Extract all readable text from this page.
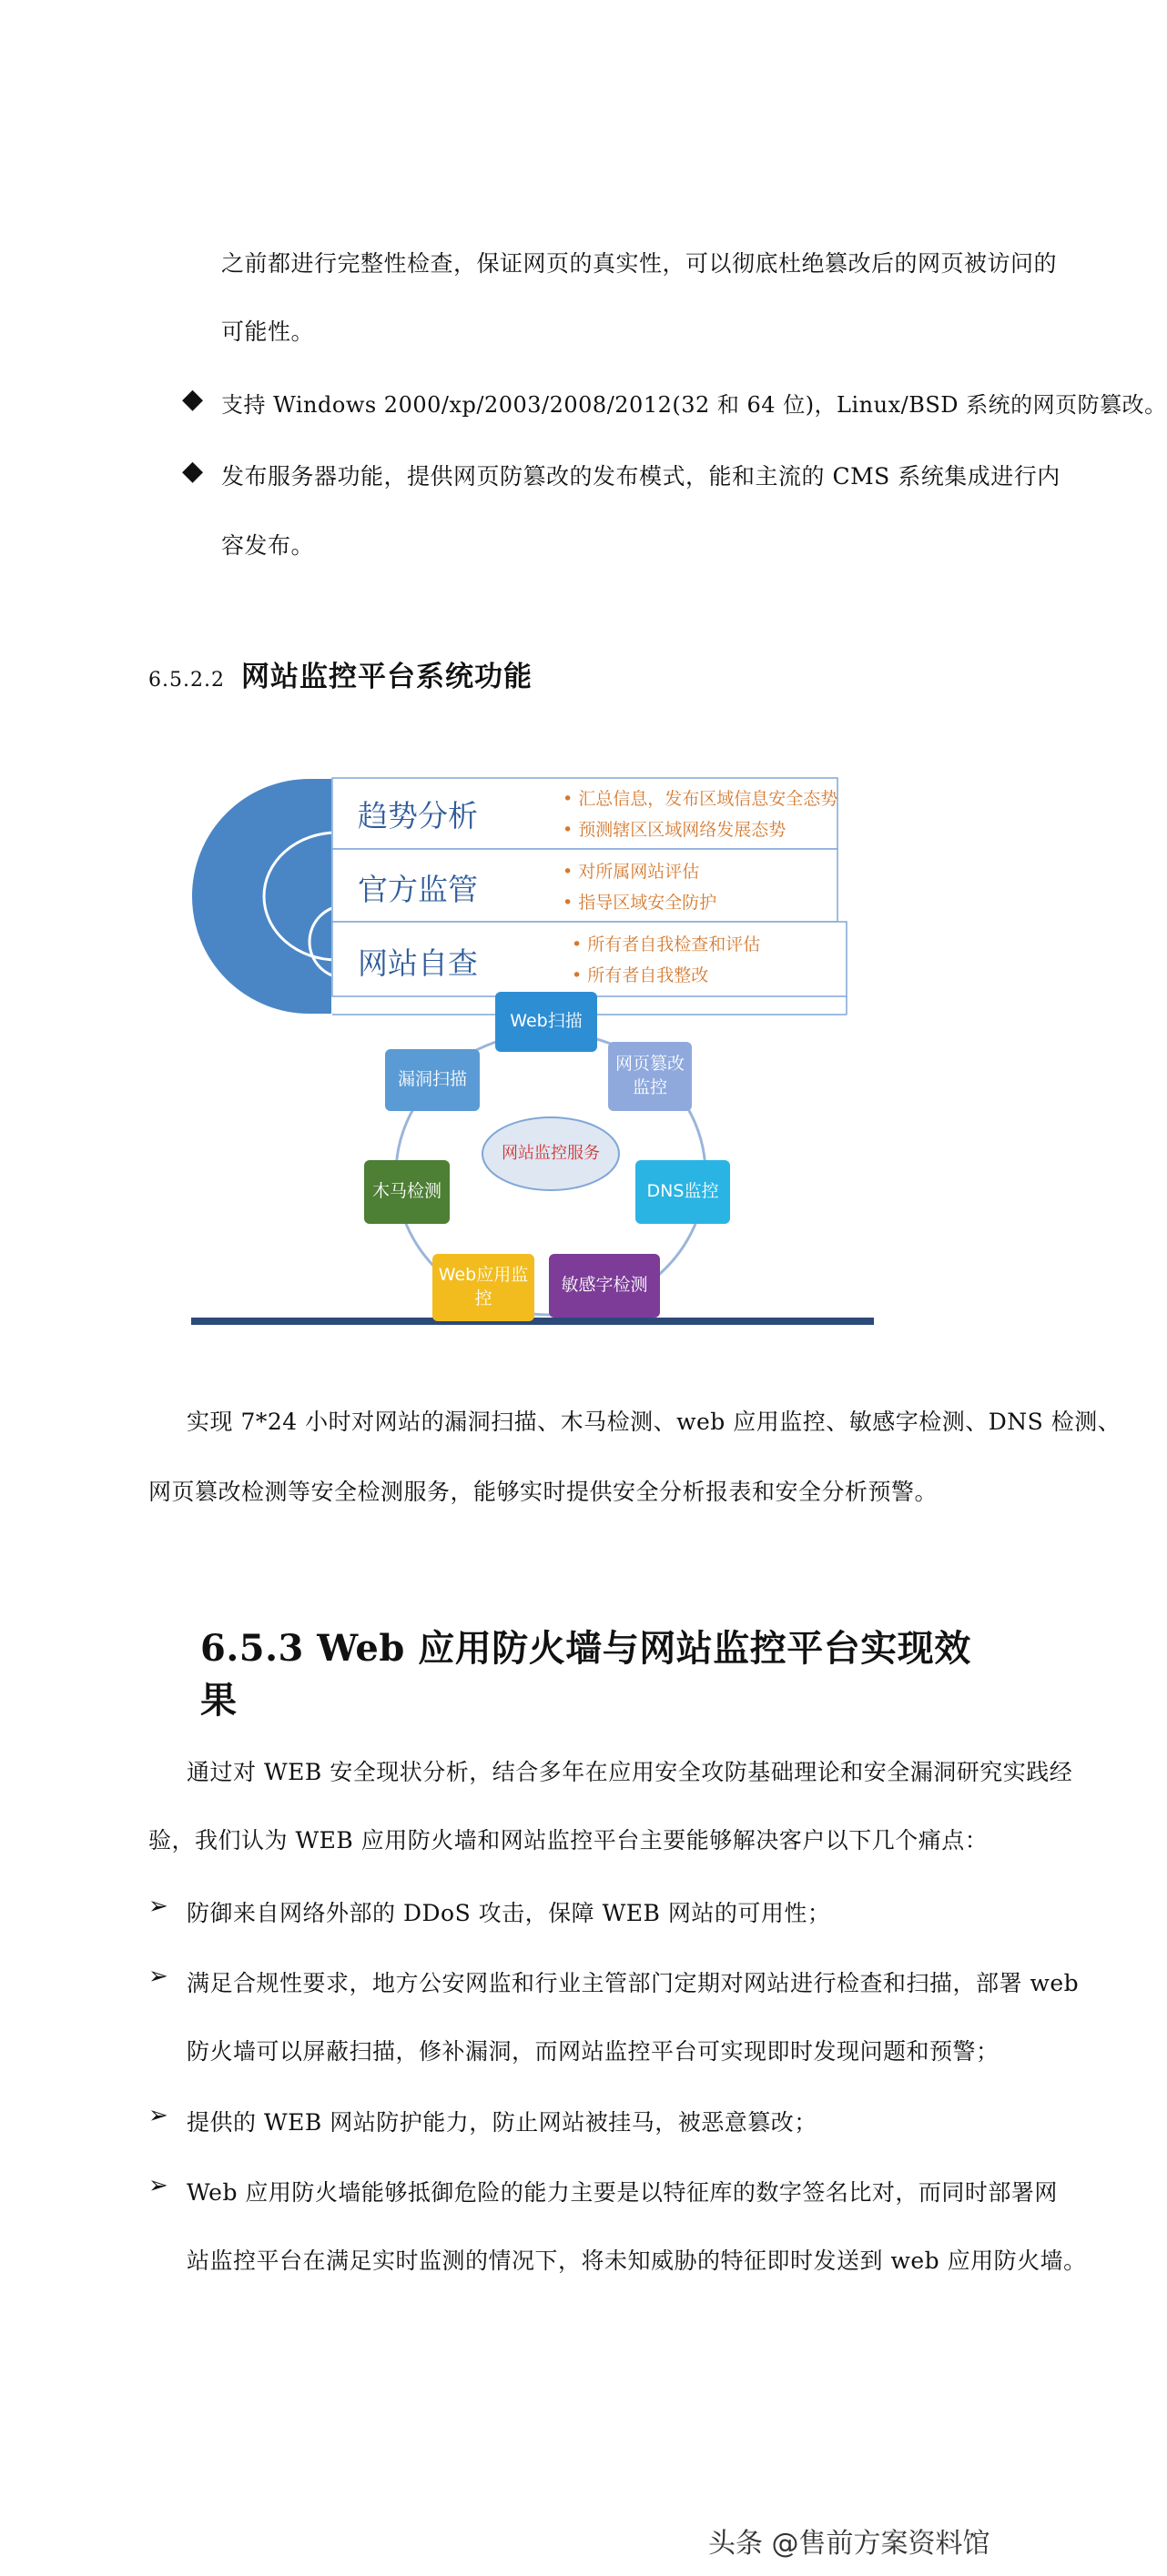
之前都进行完整性检查，保证网页的真实性，可以彻底杜绝篡改后的网页被访问的
可能性。
◆ 支持 Windows 2000/xp/2003/2008/2012(32 和 64 位)，Linux/BSD 系统的网页防篡改。
◆ 发布服务器功能，提供网页防篡改的发布模式，能和主流的 CMS 系统集成进行内
容发布。
6.5.2.2 网站监控平台系统功能
趋势分析	• 汇总信息，发布区域信息安全态势
• 预测辖区区域网络发展态势
官方监管	• 对所属网站评估
• 指导区域安全防护
网站自查
• 所有者自我检查和评估
• 所有者自我整改
网站监控服务
Web扫描
网页篡改监控
DNS监控
敏感字检测
Web应用监控
木马检测
漏洞扫描
实现 7*24 小时对网站的漏洞扫描、木马检测、web 应用监控、敏感字检测、DNS 检测、
网页篡改检测等安全检测服务，能够实时提供安全分析报表和安全分析预警。
6.5.3 Web 应用防火墙与网站监控平台实现效果
通过对 WEB 安全现状分析，结合多年在应用安全攻防基础理论和安全漏洞研究实践经
验，我们认为 WEB 应用防火墙和网站监控平台主要能够解决客户以下几个痛点：
➢ 防御来自网络外部的 DDoS 攻击，保障 WEB 网站的可用性；
➢ 满足合规性要求，地方公安网监和行业主管部门定期对网站进行检查和扫描，部署 web
防火墙可以屏蔽扫描，修补漏洞，而网站监控平台可实现即时发现问题和预警；
➢ 提供的 WEB 网站防护能力，防止网站被挂马，被恶意篡改；
➢ Web 应用防火墙能够抵御危险的能力主要是以特征库的数字签名比对，而同时部署网
站监控平台在满足实时监测的情况下，将未知威胁的特征即时发送到 web 应用防火墙。
头条 @售前方案资料馆
